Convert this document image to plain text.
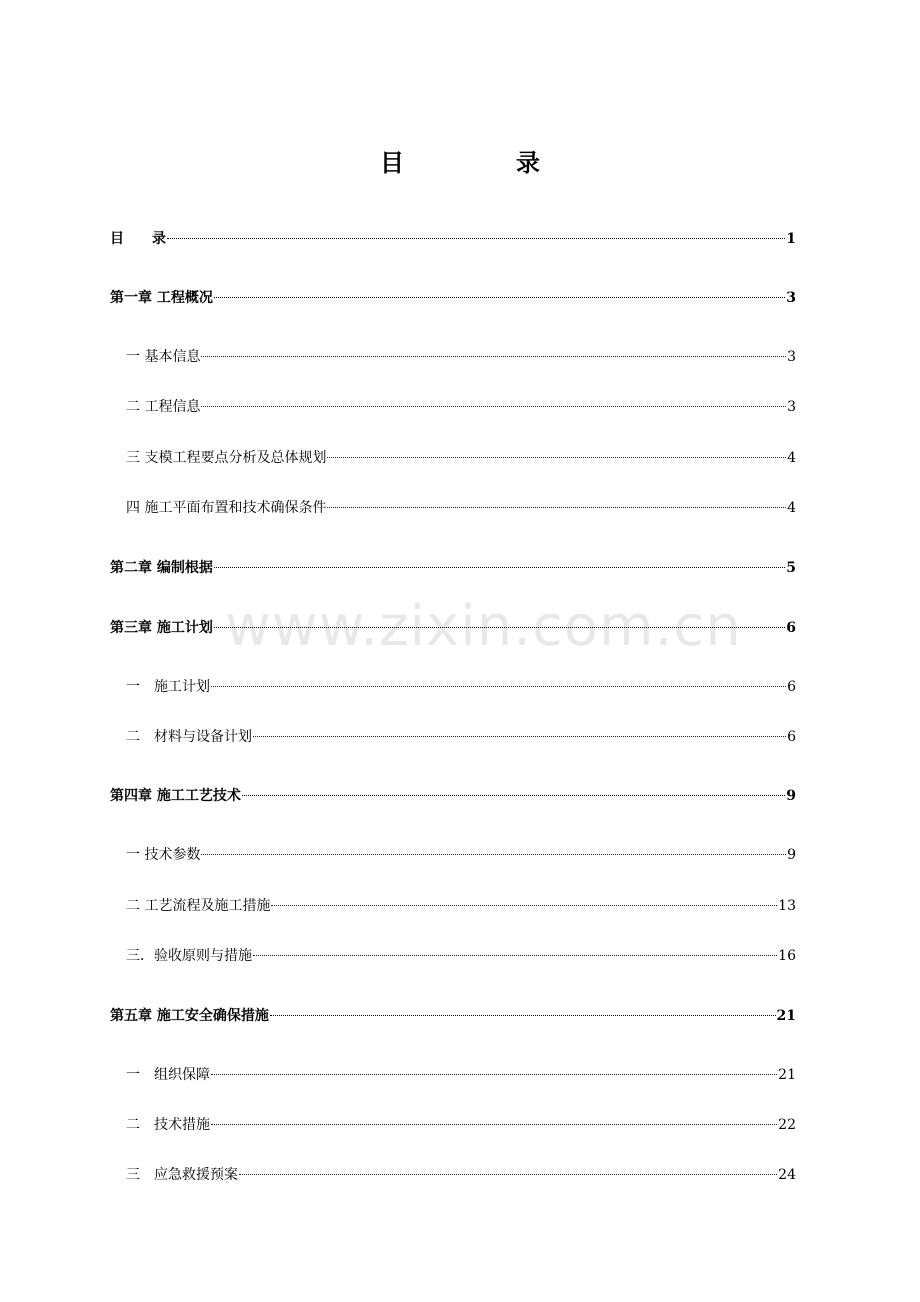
目　录
目　　录	1
第一章 工程概况	3
一 基本信息	3
二 工程信息	3
三 支模工程要点分析及总体规划	4
四 施工平面布置和技术确保条件	4
第二章 编制根据	5
第三章 施工计划	6
一　施工计划	6
二　材料与设备计划	6
第四章 施工工艺技术	9
一 技术参数	9
二 工艺流程及施工措施	13
三．验收原则与措施	16
第五章 施工安全确保措施	21
一　组织保障	21
二　技术措施	22
三　应急救援预案	24
www.zixin.com.cn
